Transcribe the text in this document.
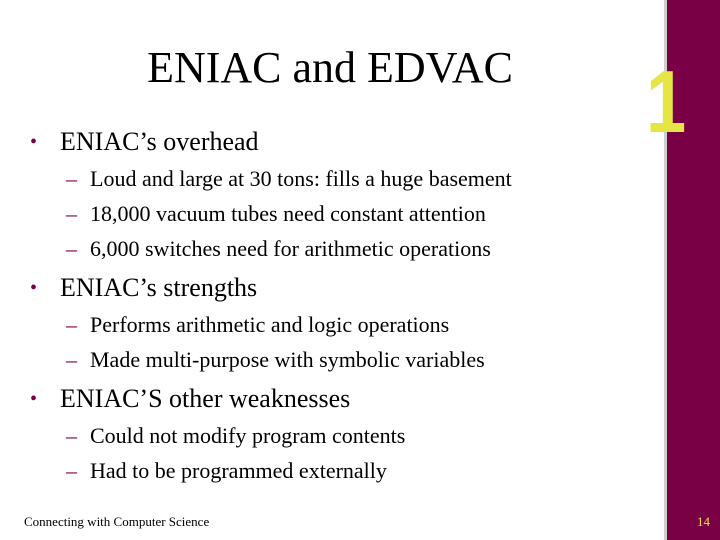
1
ENIAC and EDVAC
• ENIAC’s overhead
– Loud and large at 30 tons: fills a huge basement
– 18,000 vacuum tubes need constant attention
– 6,000 switches need for arithmetic operations
• ENIAC’s strengths
– Performs arithmetic and logic operations
– Made multi-purpose with symbolic variables
• ENIAC’S other weaknesses
– Could not modify program contents
– Had to be programmed externally
Connecting with Computer Science	14
